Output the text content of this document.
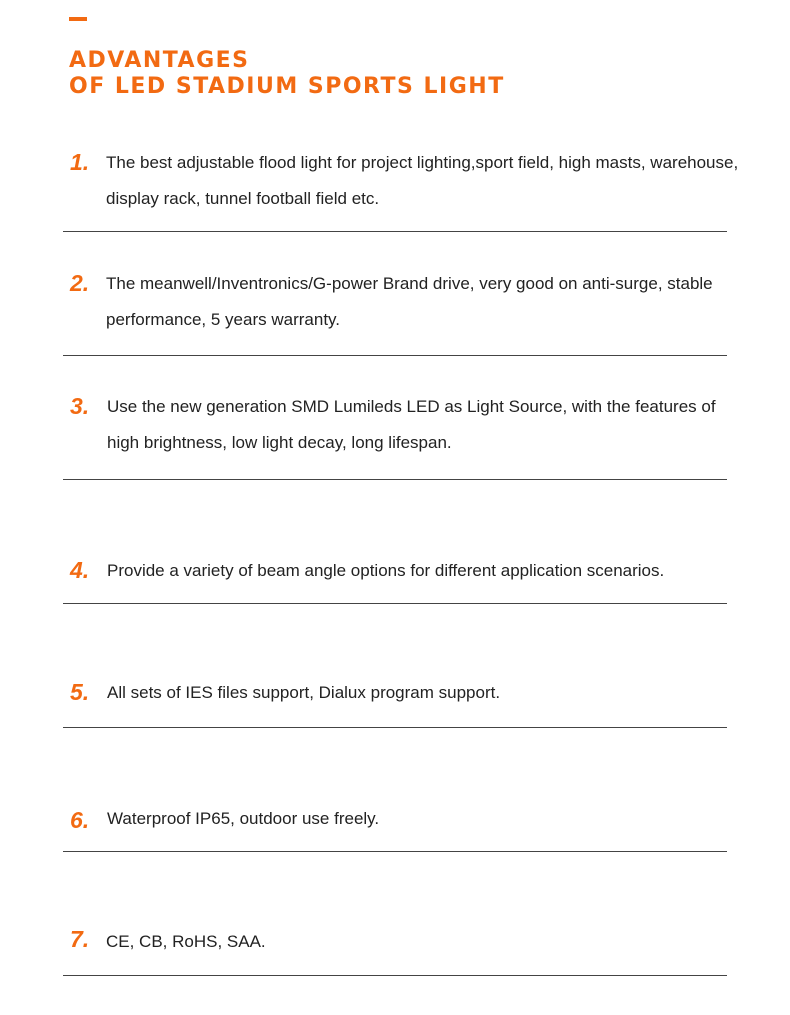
ADVANTAGES
OF LED STADIUM SPORTS LIGHT
1. The best adjustable flood light for project lighting,sport field, high masts, warehouse, display rack, tunnel football field etc.

2. The meanwell/Inventronics/G-power Brand drive, very good on anti-surge, stable performance, 5 years warranty.

3. Use the new generation SMD Lumileds LED as Light Source, with the features of high brightness, low light decay, long lifespan.

4. Provide a variety of beam angle options for different application scenarios.

5. All sets of IES files support, Dialux program support.

6. Waterproof IP65, outdoor use freely.

7. CE, CB, RoHS, SAA.
